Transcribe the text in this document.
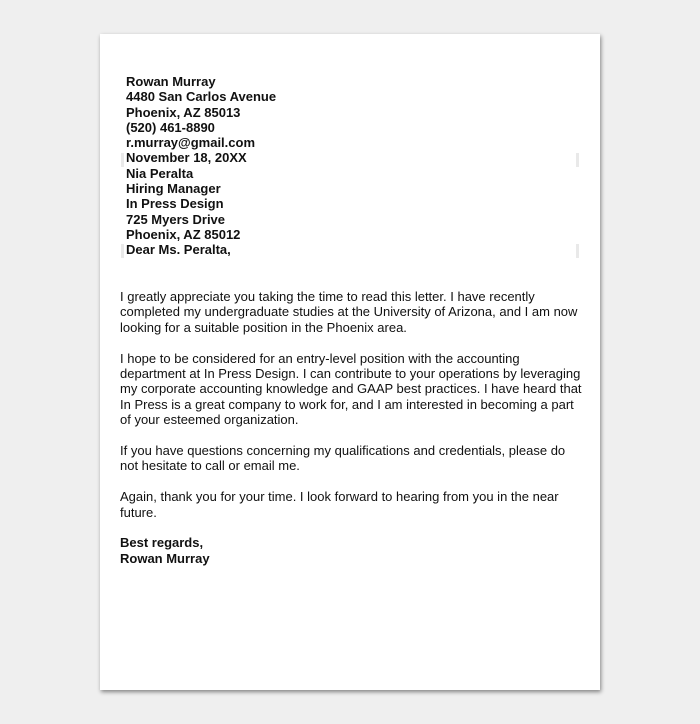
Rowan Murray
4480 San Carlos Avenue
Phoenix, AZ 85013
(520) 461-8890
r.murray@gmail.com
November 18, 20XX
Nia Peralta
Hiring Manager
In Press Design
725 Myers Drive
Phoenix, AZ 85012
Dear Ms. Peralta,

I greatly appreciate you taking the time to read this letter. I have recently completed my undergraduate studies at the University of Arizona, and I am now looking for a suitable position in the Phoenix area.

I hope to be considered for an entry-level position with the accounting department at In Press Design. I can contribute to your operations by leveraging my corporate accounting knowledge and GAAP best practices. I have heard that In Press is a great company to work for, and I am interested in becoming a part of your esteemed organization.

If you have questions concerning my qualifications and credentials, please do not hesitate to call or email me.

Again, thank you for your time. I look forward to hearing from you in the near future.

Best regards,
Rowan Murray
